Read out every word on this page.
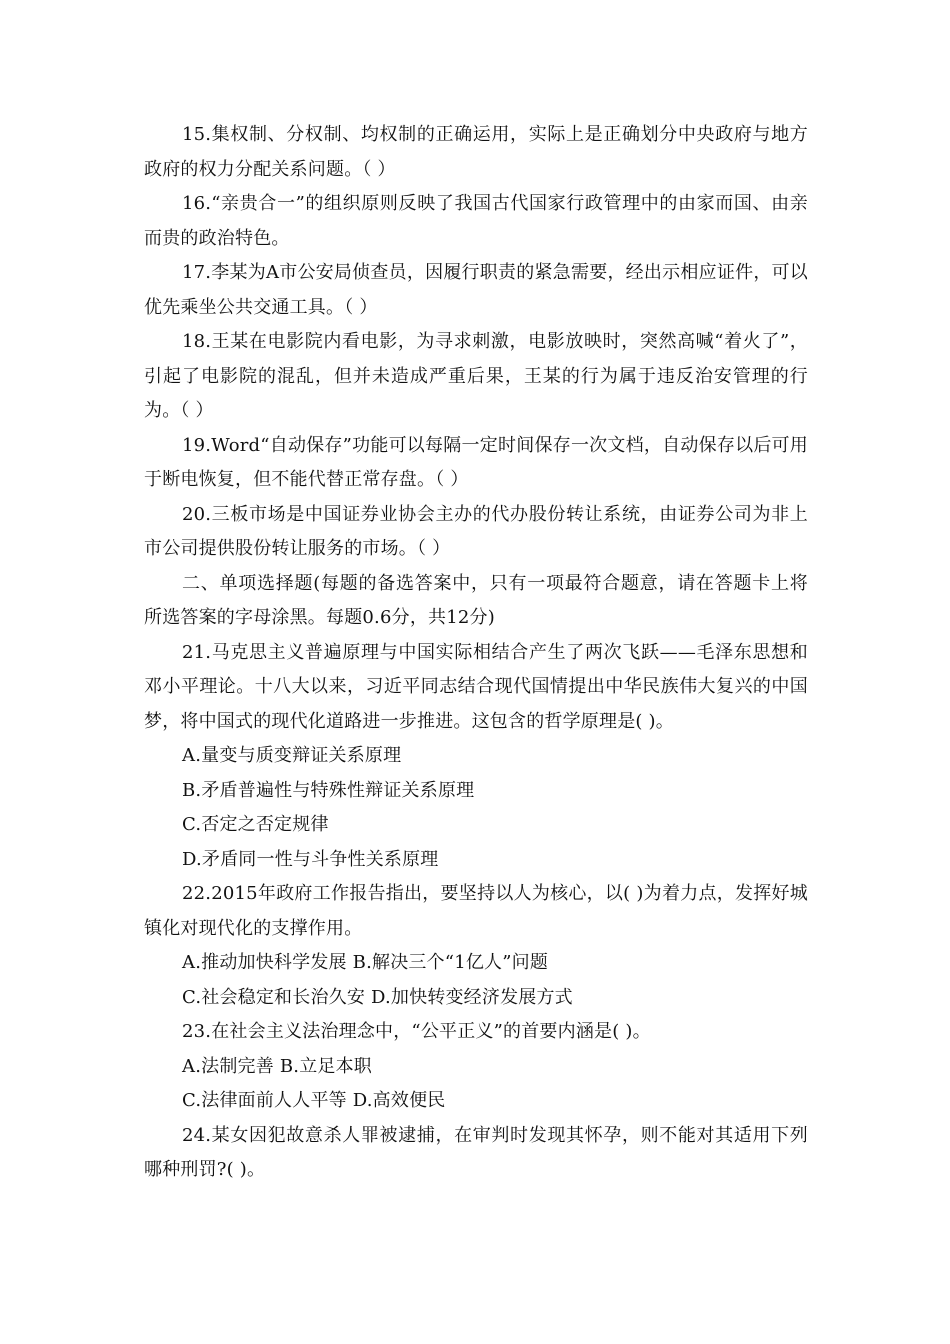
15.集权制、分权制、均权制的正确运用，实际上是正确划分中央政府与地方政府的权力分配关系问题。（ ）

16.“亲贵合一”的组织原则反映了我国古代国家行政管理中的由家而国、由亲而贵的政治特色。

17.李某为A市公安局侦查员，因履行职责的紧急需要，经出示相应证件，可以优先乘坐公共交通工具。（ ）

18.王某在电影院内看电影，为寻求刺激，电影放映时，突然高喊“着火了”，引起了电影院的混乱，但并未造成严重后果，王某的行为属于违反治安管理的行为。（ ）

19.Word“自动保存”功能可以每隔一定时间保存一次文档，自动保存以后可用于断电恢复，但不能代替正常存盘。（ ）

20.三板市场是中国证券业协会主办的代办股份转让系统，由证券公司为非上市公司提供股份转让服务的市场。（ ）

二、单项选择题(每题的备选答案中，只有一项最符合题意，请在答题卡上将所选答案的字母涂黑。每题0.6分，共12分)

21.马克思主义普遍原理与中国实际相结合产生了两次飞跃——毛泽东思想和邓小平理论。十八大以来，习近平同志结合现代国情提出中华民族伟大复兴的中国梦，将中国式的现代化道路进一步推进。这包含的哲学原理是( )。

A.量变与质变辩证关系原理

B.矛盾普遍性与特殊性辩证关系原理

C.否定之否定规律

D.矛盾同一性与斗争性关系原理

22.2015年政府工作报告指出，要坚持以人为核心，以( )为着力点，发挥好城镇化对现代化的支撑作用。

A.推动加快科学发展 B.解决三个“1亿人”问题

C.社会稳定和长治久安 D.加快转变经济发展方式

23.在社会主义法治理念中，“公平正义”的首要内涵是( )。

A.法制完善 B.立足本职

C.法律面前人人平等 D.高效便民

24.某女因犯故意杀人罪被逮捕，在审判时发现其怀孕，则不能对其适用下列哪种刑罚?( )。
